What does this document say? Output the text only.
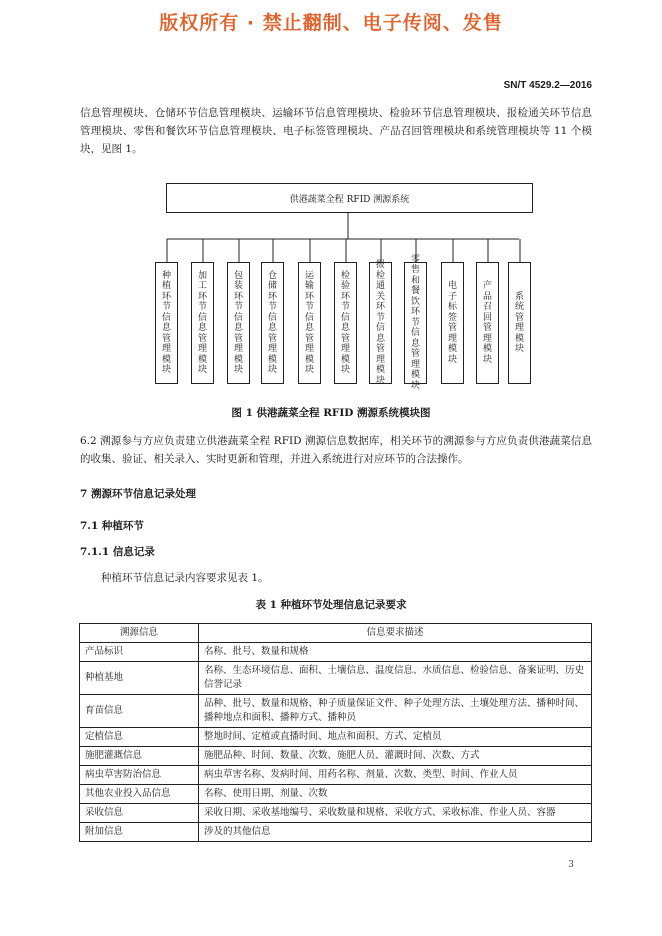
版权所有 · 禁止翻制、电子传阅、发售
SN/T 4529.2—2016
信息管理模块、仓储环节信息管理模块、运输环节信息管理模块、检验环节信息管理模块、报检通关环节信息管理模块、零售和餐饮环节信息管理模块、电子标签管理模块、产品召回管理模块和系统管理模块等 11 个模块，见图 1。
供港蔬菜全程 RFID 溯源系统
种植环节信息管理模块
加工环节信息管理模块
包装环节信息管理模块
仓储环节信息管理模块
运输环节信息管理模块
检验环节信息管理模块
报检通关环节信息管理模块
零售和餐饮环节信息管理模块
电子标签管理模块
产品召回管理模块
系统管理模块
图 1 供港蔬菜全程 RFID 溯源系统模块图
6.2 溯源参与方应负责建立供港蔬菜全程 RFID 溯源信息数据库，相关环节的溯源参与方应负责供港蔬菜信息的收集、验证、相关录入、实时更新和管理，并进入系统进行对应环节的合法操作。
7 溯源环节信息记录处理
7.1 种植环节
7.1.1 信息记录
种植环节信息记录内容要求见表 1。
表 1 种植环节处理信息记录要求
溯源信息	信息要求描述
产品标识	名称、批号、数量和规格
种植基地	名称、生态环境信息、面积、土壤信息、温度信息、水质信息、检验信息、备案证明、历史信誉记录
育苗信息	品种、批号、数量和规格、种子质量保证文件、种子处理方法、土壤处理方法、播种时间、播种地点和面积、播种方式、播种员
定植信息	整地时间、定植或直播时间、地点和面积、方式、定植员
施肥灌溉信息	施肥品种、时间、数量、次数、施肥人员、灌溉时间、次数、方式
病虫草害防治信息	病虫草害名称、发病时间、用药名称、剂量、次数、类型、时间、作业人员
其他农业投入品信息	名称、使用日期、剂量、次数
采收信息	采收日期、采收基地编号、采收数量和规格、采收方式、采收标准、作业人员、容器
附加信息	涉及的其他信息
3
